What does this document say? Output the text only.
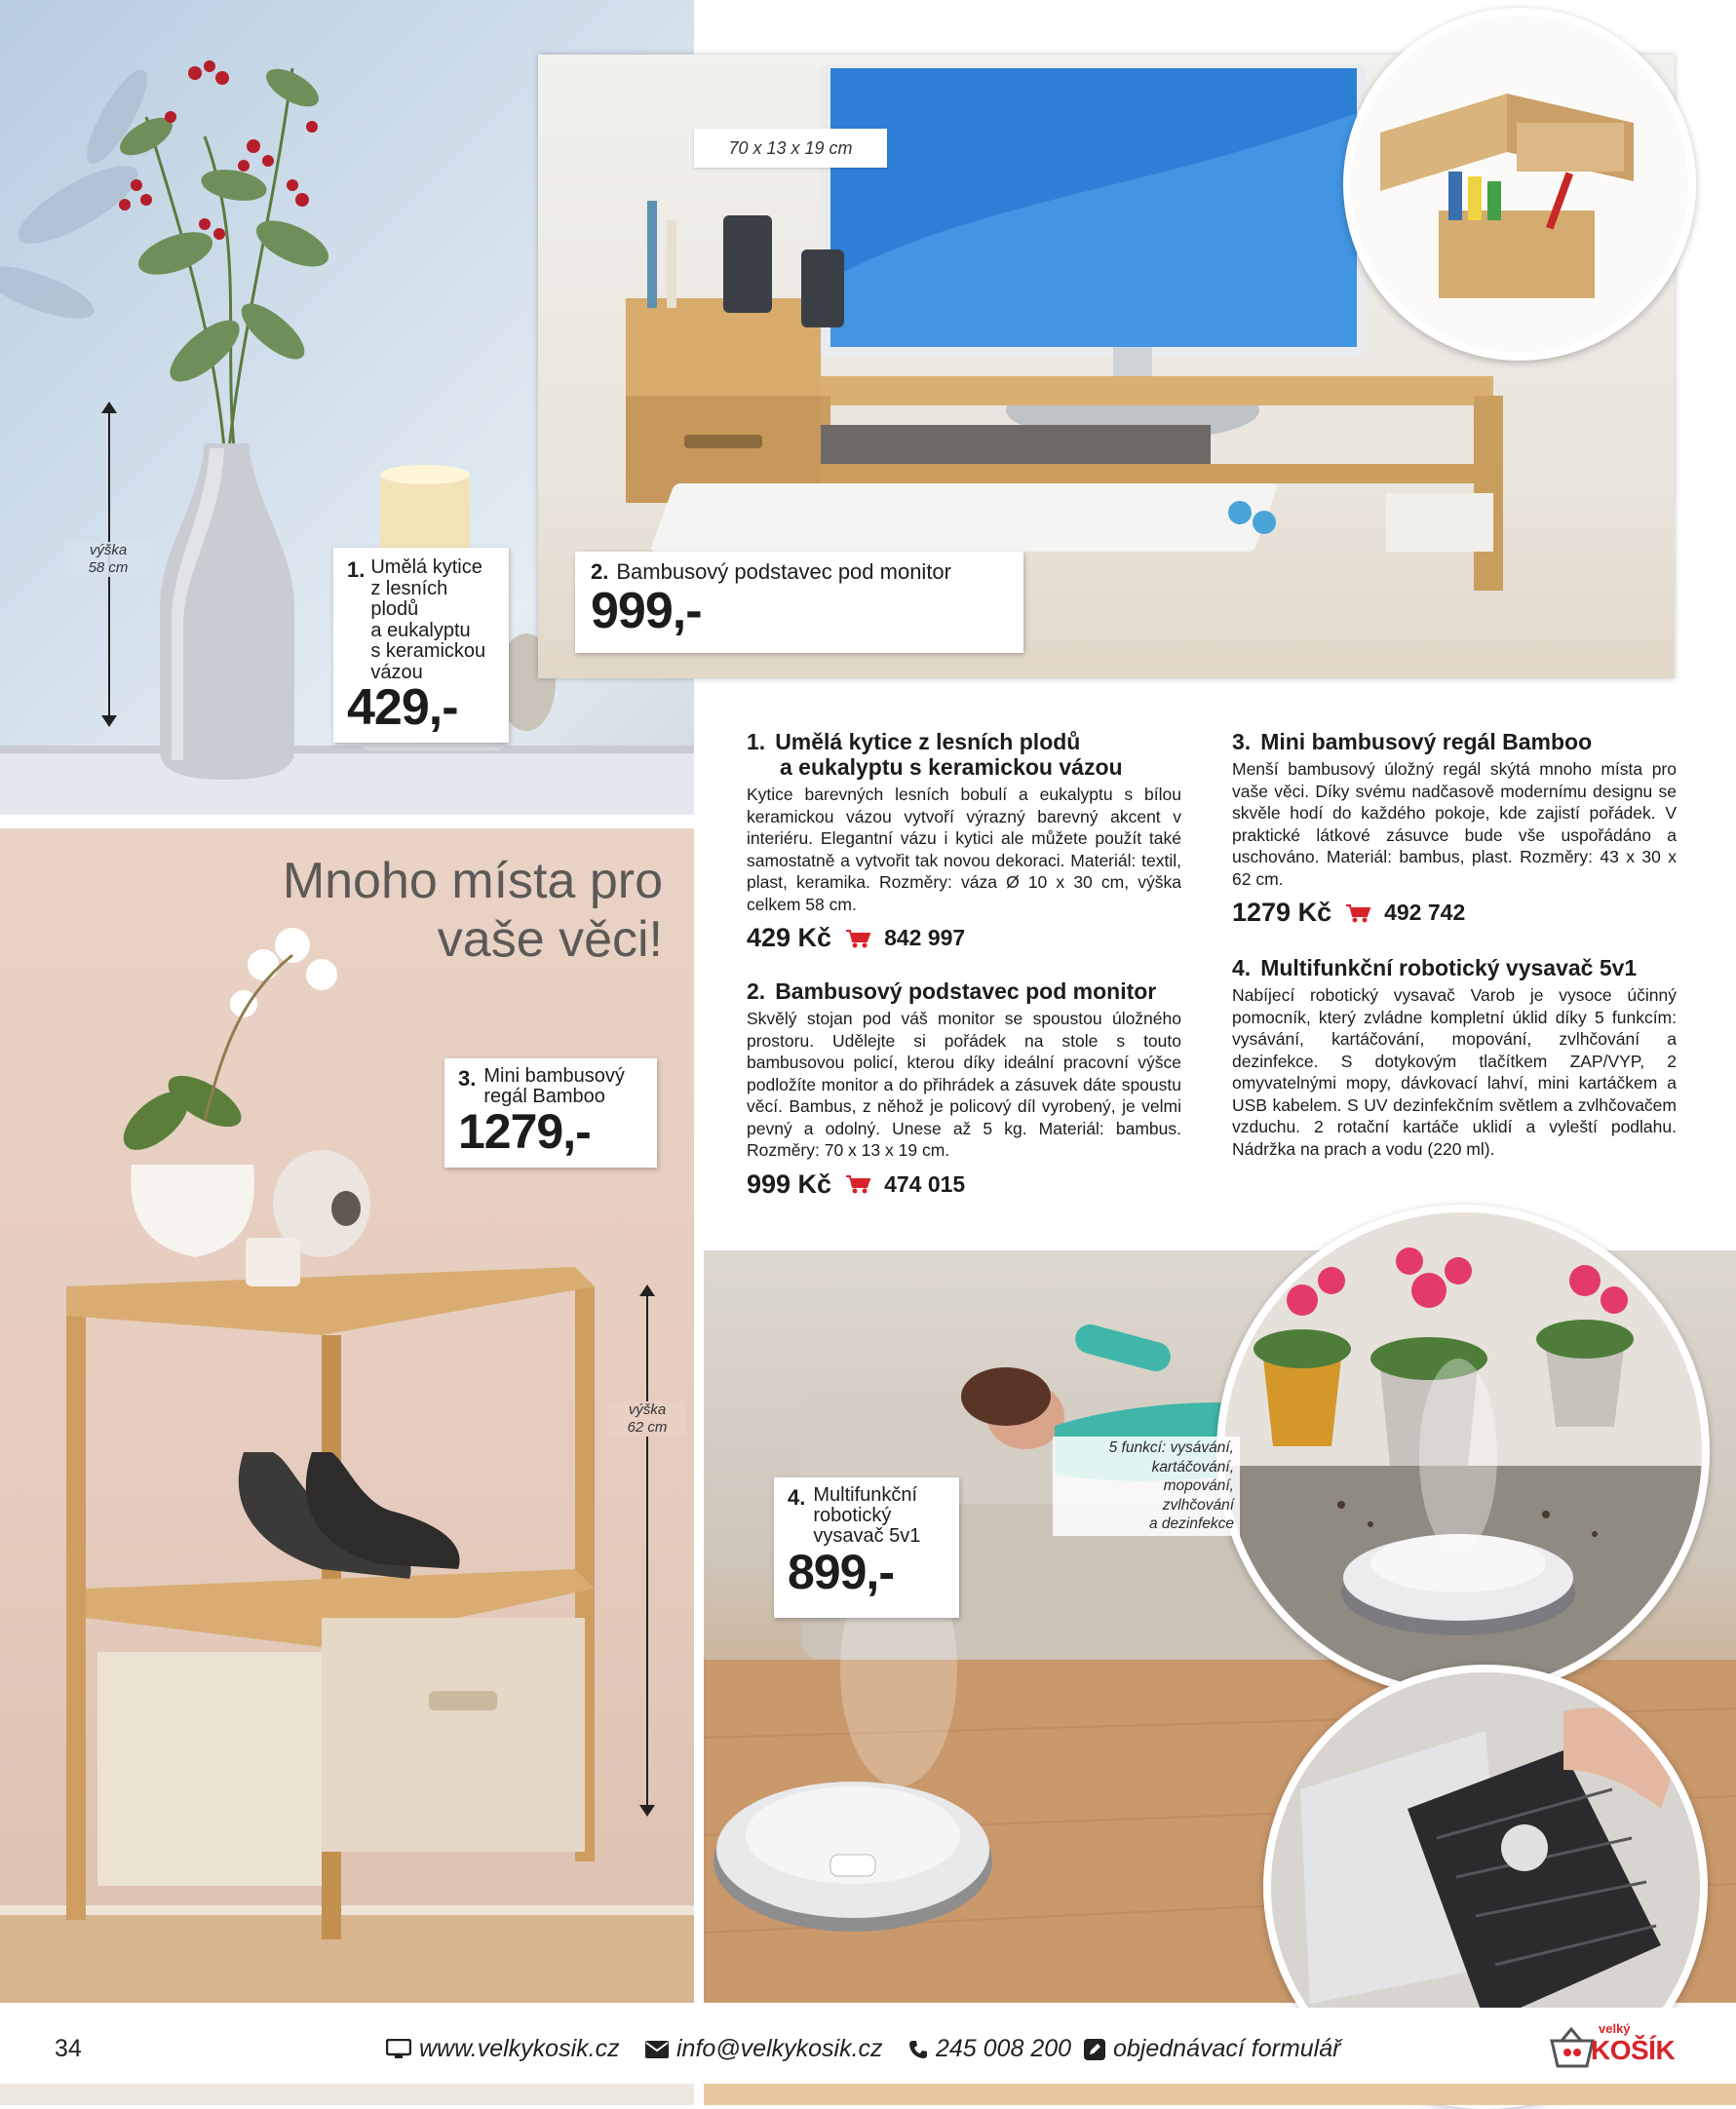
výška
58 cm	1. Umělá kytice
z lesních
plodů
a eukalyptu
s keramickou
vázou
429,-
70 x 13 x 19 cm
2. Bambusový podstavec pod monitor
999,-
Mnoho místa pro
vaše věci!
3. Mini bambusový
regál Bamboo
1279,-
výška
62 cm
1. Umělá kytice z lesních plodů
a eukalyptu s keramickou vázou

Kytice barevných lesních bobulí a eukalyptu s bílou keramickou vázou vytvoří výrazný barevný akcent v interiéru. Elegantní vázu i kytici ale můžete použít také samostatně a vytvořit tak novou dekoraci. Materiál: textil, plast, keramika. Rozměry: váza Ø 10 x 30 cm, výška celkem 58 cm.

429 Kč 842 997
2. Bambusový podstavec pod monitor

Skvělý stojan pod váš monitor se spoustou úložného prostoru. Udělejte si pořádek na stole s touto bambusovou policí, kterou díky ideální pracovní výšce podložíte monitor a do přihrádek a zásuvek dáte spoustu věcí. Bambus, z něhož je policový díl vyrobený, je velmi pevný a odolný. Unese až 5 kg. Materiál: bambus. Rozměry: 70 x 13 x 19 cm.

999 Kč 474 015
3. Mini bambusový regál Bamboo

Menší bambusový úložný regál skýtá mnoho místa pro vaše věci. Díky svému nadčasově modernímu designu se skvěle hodí do každého pokoje, kde zajistí pořádek. V praktické látkové zásuvce bude vše uspořádáno a uschováno. Materiál: bambus, plast. Rozměry: 43 x 30 x 62 cm.

1279 Kč 492 742
4. Multifunkční robotický vysavač 5v1

Nabíjecí robotický vysavač Varob je vysoce účinný pomocník, který zvládne kompletní úklid díky 5 funkcím: vysávání, kartáčování, mopování, zvlhčování a dezinfekce. S dotykovým tlačítkem ZAP/VYP, 2 omyvatelnými mopy, dávkovací lahví, mini kartáčkem a USB kabelem. S UV dezinfekčním světlem a zvlhčovačem vzduchu. 2 rotační kartáče uklidí a vyleští podlahu. Nádržka na prach a vodu (220 ml).

5 funkcí: vysávání,
kartáčování,
mopování,
zvlhčování
a dezinfekce
4. Multifunkční
robotický
vysavač 5v1
899,-
34	www.velkykosik.cz info@velkykosik.cz 245 008 200 objednávací formulář
velký
KOŠÍK
